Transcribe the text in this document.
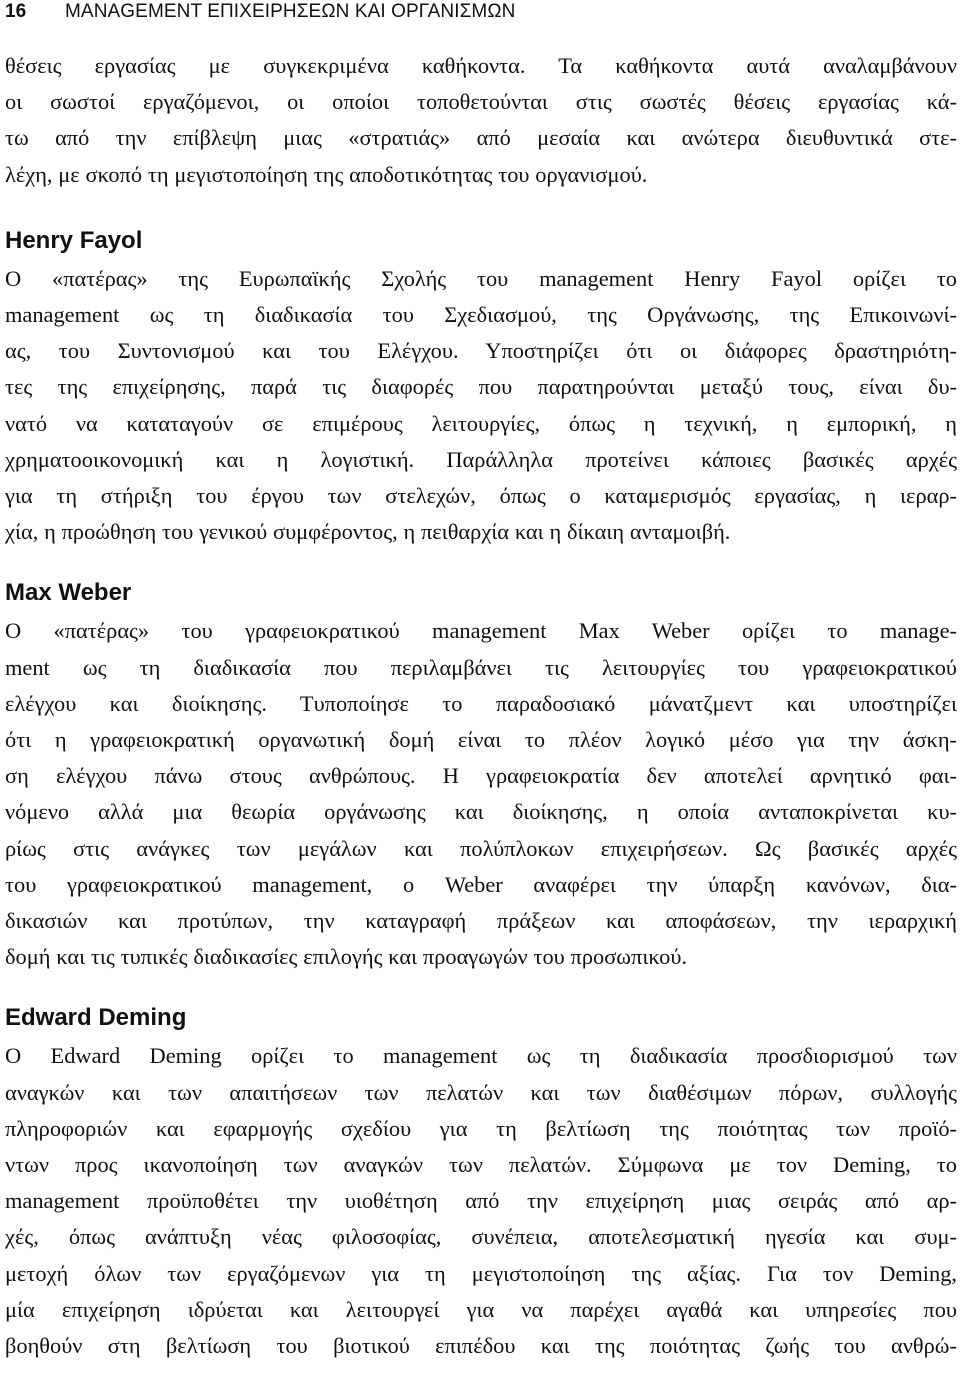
16	MANAGEMENT ΕΠΙΧΕΙΡΗΣΕΩΝ ΚΑΙ ΟΡΓΑΝΙΣΜΩΝ

θέσεις εργασίας με συγκεκριμένα καθήκοντα. Τα καθήκοντα αυτά αναλαμβάνουν
οι σωστοί εργαζόμενοι, οι οποίοι τοποθετούνται στις σωστές θέσεις εργασίας κά-
τω από την επίβλεψη μιας «στρατιάς» από μεσαία και ανώτερα διευθυντικά στε-
λέχη, με σκοπό τη μεγιστοποίηση της αποδοτικότητας του οργανισμού.

Henry Fayol

Ο «πατέρας» της Ευρωπαϊκής Σχολής του management Henry Fayol ορίζει το
management ως τη διαδικασία του Σχεδιασμού, της Οργάνωσης, της Επικοινωνί-
ας, του Συντονισμού και του Ελέγχου. Υποστηρίζει ότι οι διάφορες δραστηριότη-
τες της επιχείρησης, παρά τις διαφορές που παρατηρούνται μεταξύ τους, είναι δυ-
νατό να καταταγούν σε επιμέρους λειτουργίες, όπως η τεχνική, η εμπορική, η
χρηματοοικονομική και η λογιστική. Παράλληλα προτείνει κάποιες βασικές αρχές
για τη στήριξη του έργου των στελεχών, όπως ο καταμερισμός εργασίας, η ιεραρ-
χία, η προώθηση του γενικού συμφέροντος, η πειθαρχία και η δίκαιη ανταμοιβή.

Max Weber

Ο «πατέρας» του γραφειοκρατικού management Max Weber ορίζει το manage-
ment ως τη διαδικασία που περιλαμβάνει τις λειτουργίες του γραφειοκρατικού
ελέγχου και διοίκησης. Τυποποίησε το παραδοσιακό μάνατζμεντ και υποστηρίζει
ότι η γραφειοκρατική οργανωτική δομή είναι το πλέον λογικό μέσο για την άσκη-
ση ελέγχου πάνω στους ανθρώπους. Η γραφειοκρατία δεν αποτελεί αρνητικό φαι-
νόμενο αλλά μια θεωρία οργάνωσης και διοίκησης, η οποία ανταποκρίνεται κυ-
ρίως στις ανάγκες των μεγάλων και πολύπλοκων επιχειρήσεων. Ως βασικές αρχές
του γραφειοκρατικού management, ο Weber αναφέρει την ύπαρξη κανόνων, δια-
δικασιών και προτύπων, την καταγραφή πράξεων και αποφάσεων, την ιεραρχική
δομή και τις τυπικές διαδικασίες επιλογής και προαγωγών του προσωπικού.

Edward Deming

Ο Edward Deming ορίζει το management ως τη διαδικασία προσδιορισμού των
αναγκών και των απαιτήσεων των πελατών και των διαθέσιμων πόρων, συλλογής
πληροφοριών και εφαρμογής σχεδίου για τη βελτίωση της ποιότητας των προϊό-
ντων προς ικανοποίηση των αναγκών των πελατών. Σύμφωνα με τον Deming, το
management προϋποθέτει την υιοθέτηση από την επιχείρηση μιας σειράς από αρ-
χές, όπως ανάπτυξη νέας φιλοσοφίας, συνέπεια, αποτελεσματική ηγεσία και συμ-
μετοχή όλων των εργαζόμενων για τη μεγιστοποίηση της αξίας. Για τον Deming,
μία επιχείρηση ιδρύεται και λειτουργεί για να παρέχει αγαθά και υπηρεσίες που
βοηθούν στη βελτίωση του βιοτικού επιπέδου και της ποιότητας ζωής του ανθρώ-
